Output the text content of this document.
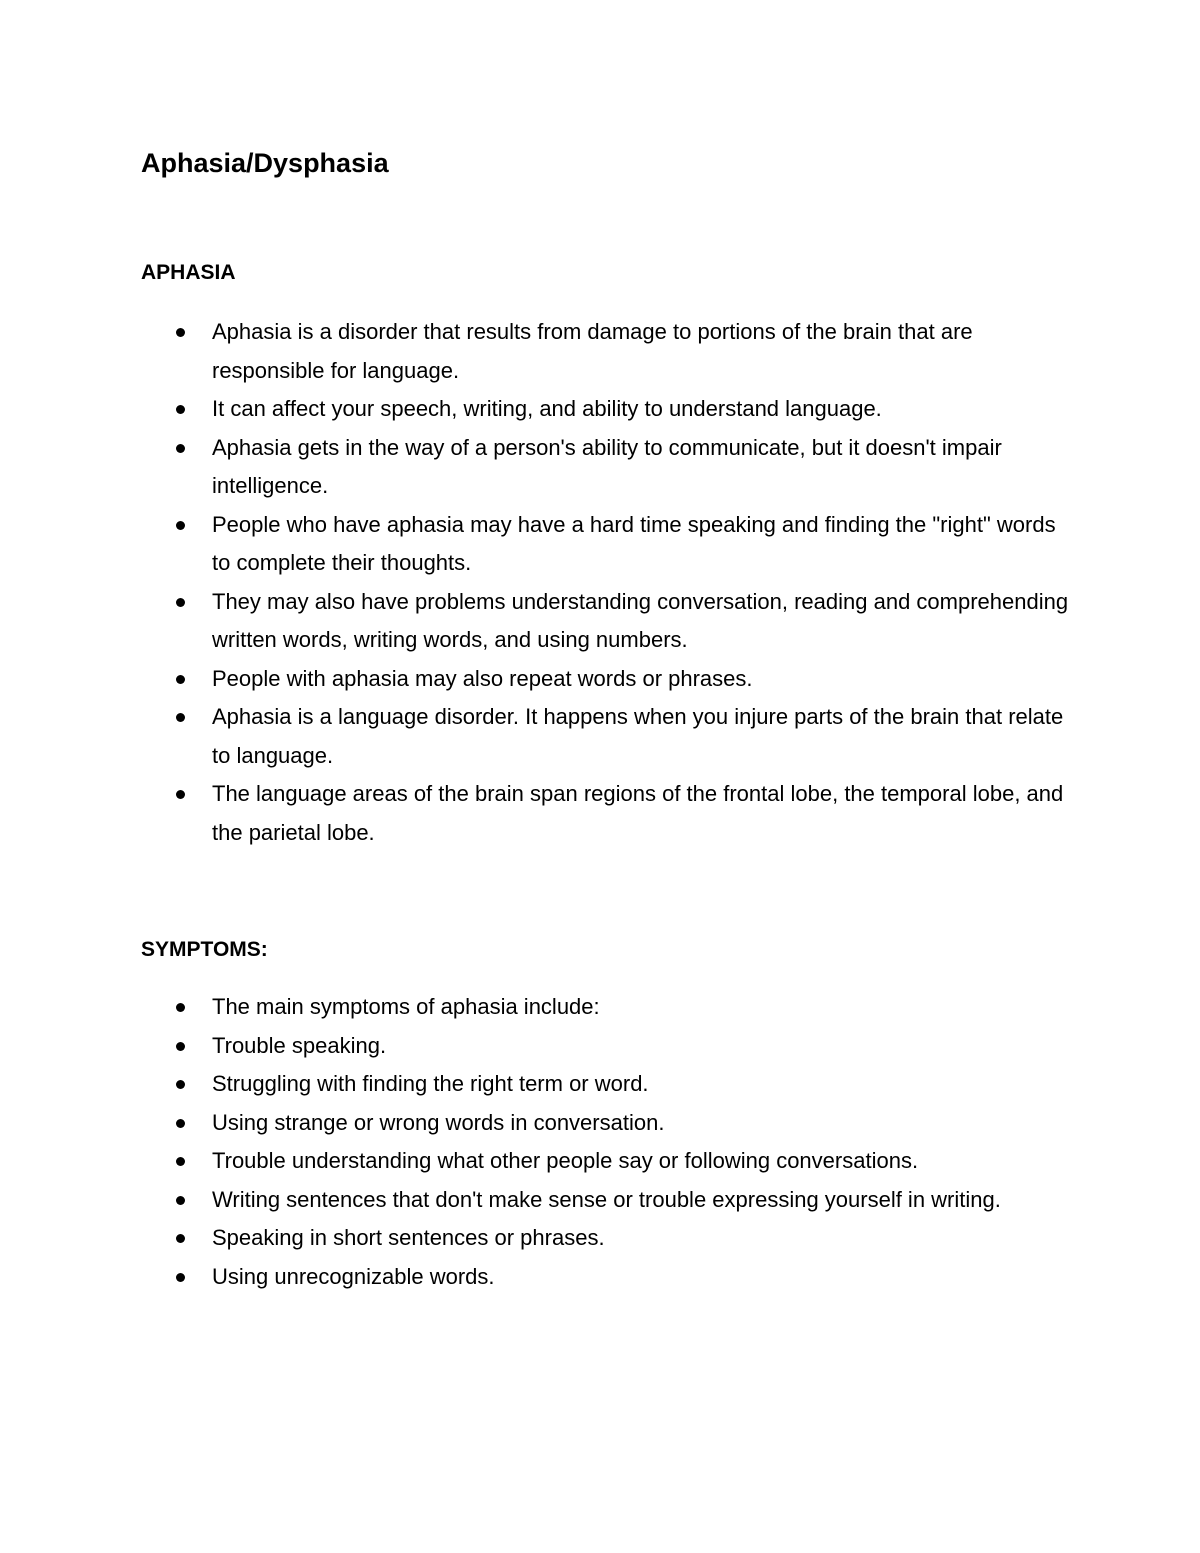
Aphasia/Dysphasia
APHASIA
Aphasia is a disorder that results from damage to portions of the brain that are responsible for language.
It can affect your speech, writing, and ability to understand language.
Aphasia gets in the way of a person's ability to communicate, but it doesn't impair intelligence.
People who have aphasia may have a hard time speaking and finding the "right" words to complete their thoughts.
They may also have problems understanding conversation, reading and comprehending written words, writing words, and using numbers.
People with aphasia may also repeat words or phrases.
Aphasia is a language disorder. It happens when you injure parts of the brain that relate to language.
The language areas of the brain span regions of the frontal lobe, the temporal lobe, and the parietal lobe.
SYMPTOMS:
The main symptoms of aphasia include:
Trouble speaking.
Struggling with finding the right term or word.
Using strange or wrong words in conversation.
Trouble understanding what other people say or following conversations.
Writing sentences that don't make sense or trouble expressing yourself in writing.
Speaking in short sentences or phrases.
Using unrecognizable words.
